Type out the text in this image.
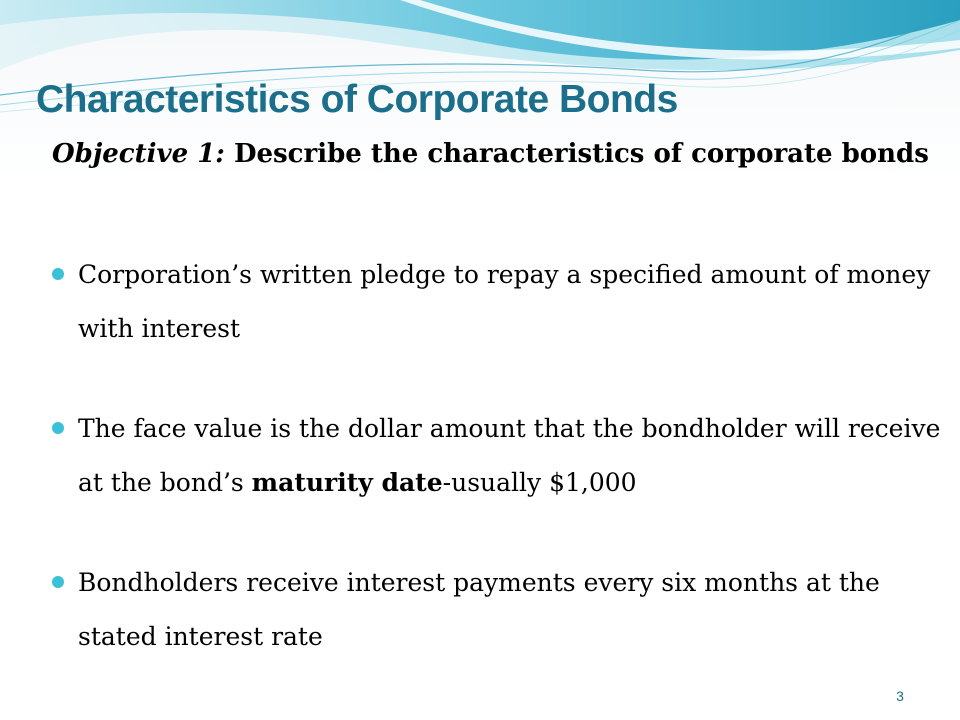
Characteristics of Corporate Bonds

Objective 1: Describe the characteristics of corporate bonds

Corporation’s written pledge to repay a specified amount of money with interest
The face value is the dollar amount that the bondholder will receive at the bond’s maturity date-usually $1,000
Bondholders receive interest payments every six months at the stated interest rate
3
